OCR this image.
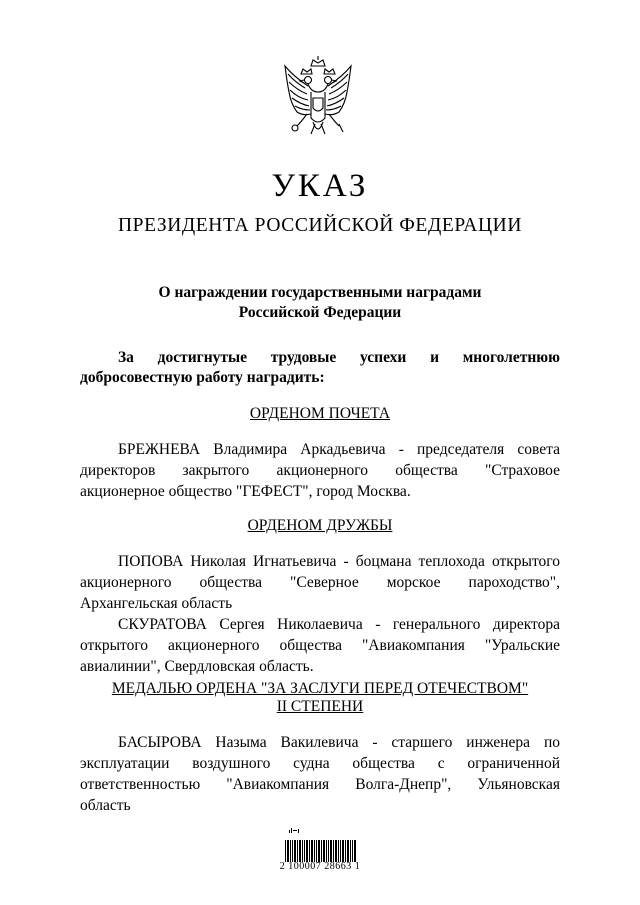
УКАЗ
ПРЕЗИДЕНТА РОССИЙСКОЙ ФЕДЕРАЦИИ
О награждении государственными наградами
Российской Федерации
За достигнутые трудовые успехи и многолетнюю
добросовестную работу наградить:
ОРДЕНОМ ПОЧЕТА
БРЕЖНЕВА Владимира Аркадьевича - председателя совета
директоров закрытого акционерного общества "Страховое
акционерное общество "ГЕФЕСТ", город Москва.
ОРДЕНОМ ДРУЖБЫ
ПОПОВА Николая Игнатьевича - боцмана теплохода открытого
акционерного общества "Северное морское пароходство",
Архангельская область
СКУРАТОВА Сергея Николаевича - генерального директора
открытого акционерного общества "Авиакомпания "Уральские
авиалинии", Свердловская область.
МЕДАЛЬЮ ОРДЕНА "ЗА ЗАСЛУГИ ПЕРЕД ОТЕЧЕСТВОМ"
II СТЕПЕНИ
БАСЫРОВА Назыма Вакилевича - старшего инженера по
эксплуатации воздушного судна общества с ограниченной
ответственностью "Авиакомпания Волга-Днепр", Ульяновская
область
2 100007 28663 1
